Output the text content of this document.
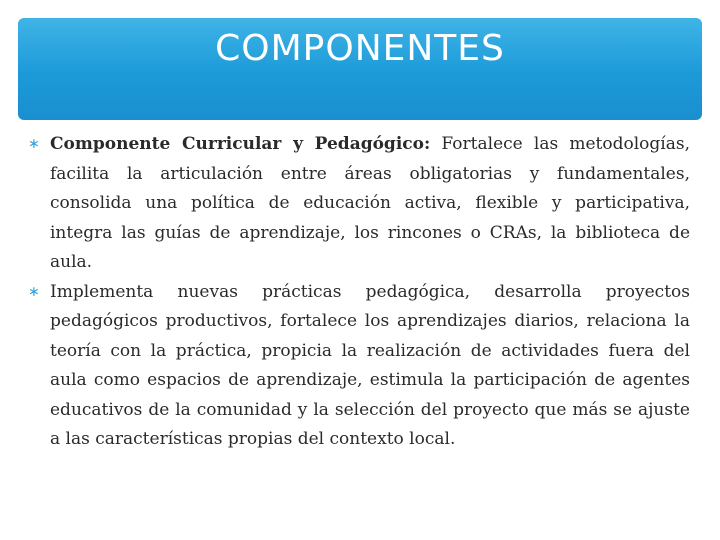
COMPONENTES

∗ Componente Curricular y Pedagógico: Fortalece las metodologías, facilita la articulación entre áreas obligatorias y fundamentales, consolida una política de educación activa, flexible y participativa, integra las guías de aprendizaje, los rincones o CRAs, la biblioteca de aula.

∗ Implementa nuevas prácticas pedagógica, desarrolla proyectos pedagógicos productivos, fortalece los aprendizajes diarios, relaciona la teoría con la práctica, propicia la realización de actividades fuera del aula como espacios de aprendizaje, estimula la participación de agentes educativos de la comunidad y la selección del proyecto que más se ajuste a las características propias del contexto local.
